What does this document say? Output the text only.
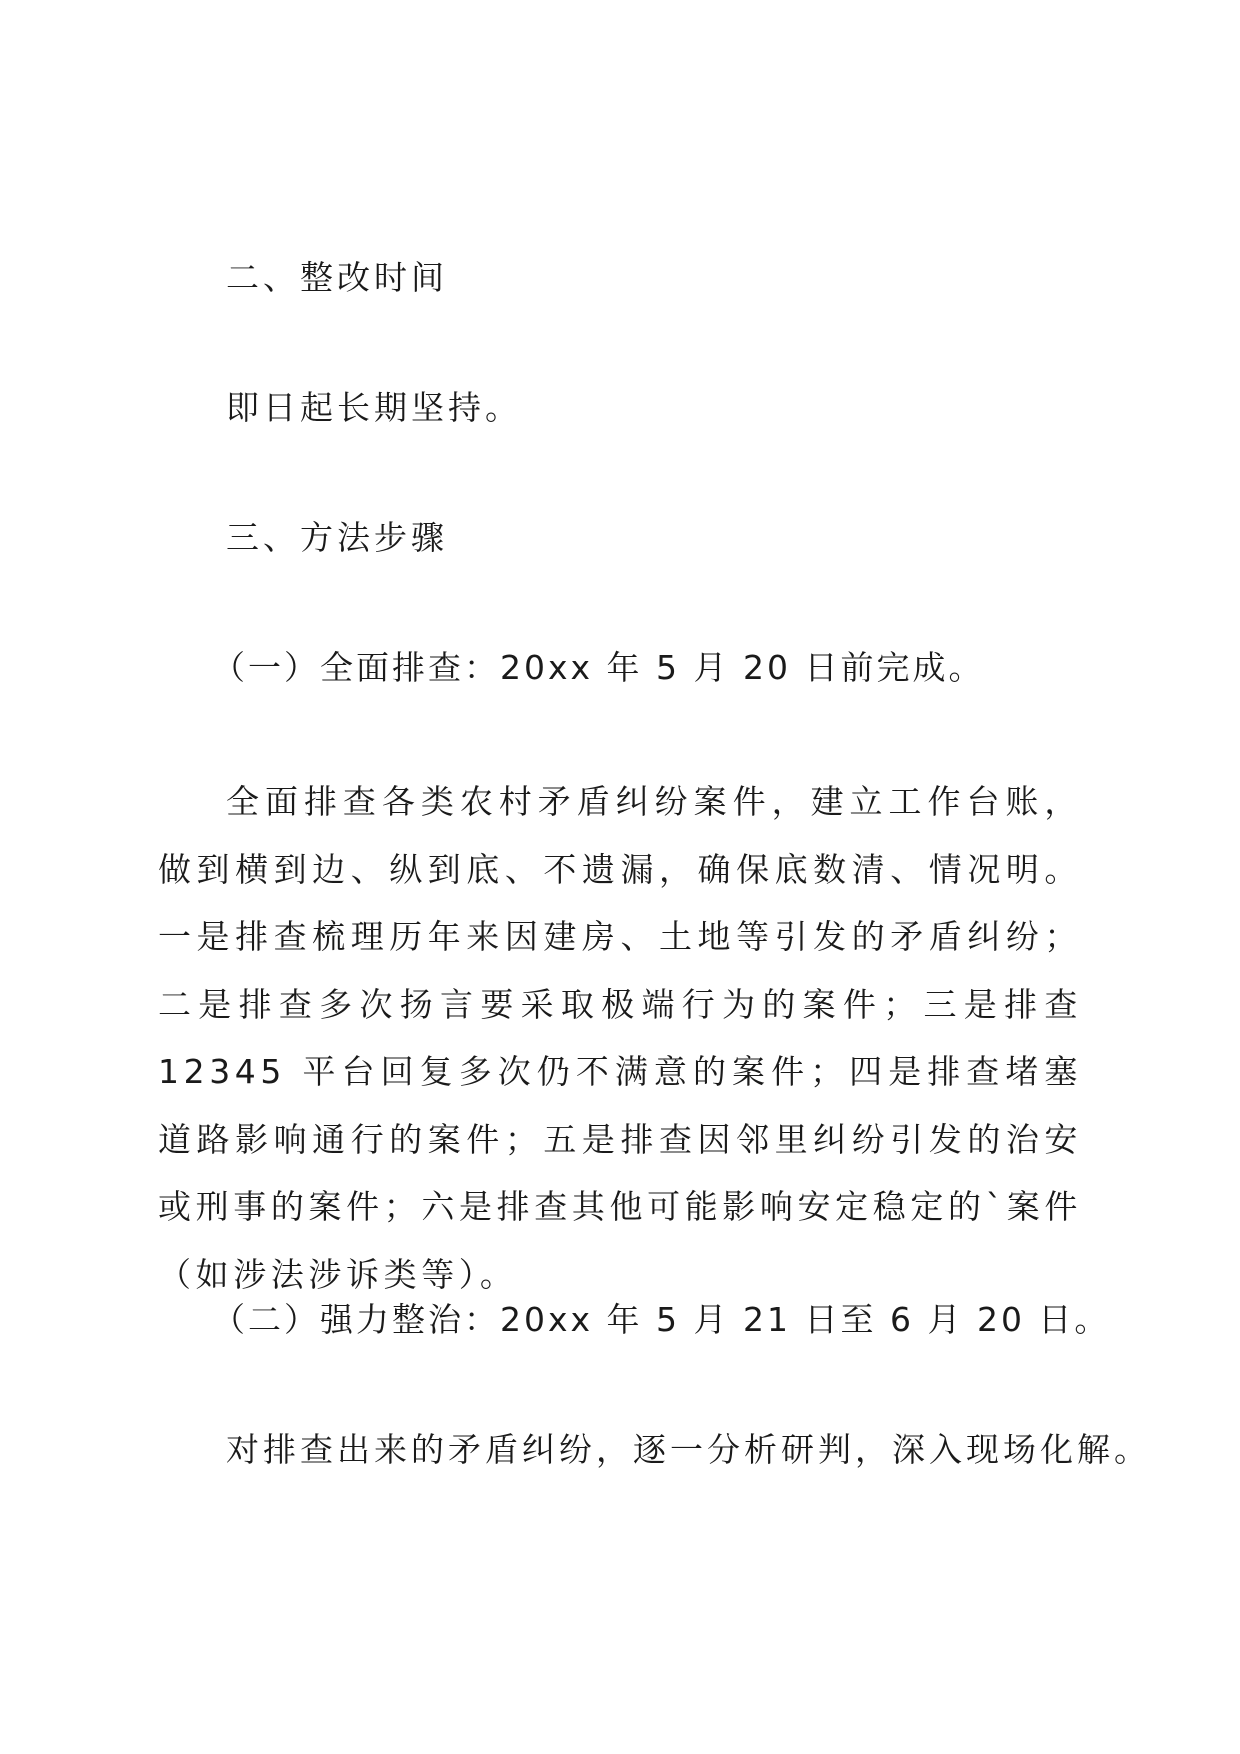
二、整改时间
即日起长期坚持。
三、方法步骤
（一）全面排查：20xx 年 5 月 20 日前完成。

全面排查各类农村矛盾纠纷案件，建立工作台账，做到横到边、纵到底、不遗漏，确保底数清、情况明。一是排查梳理历年来因建房、土地等引发的矛盾纠纷；二是排查多次扬言要采取极端行为的案件；三是排查 12345 平台回复多次仍不满意的案件；四是排查堵塞道路影响通行的案件；五是排查因邻里纠纷引发的治安或刑事的案件；六是排查其他可能影响安定稳定的`案件（如涉法涉诉类等）。

（二）强力整治：20xx 年 5 月 21 日至 6 月 20 日。
对排查出来的矛盾纠纷，逐一分析研判，深入现场化解。
